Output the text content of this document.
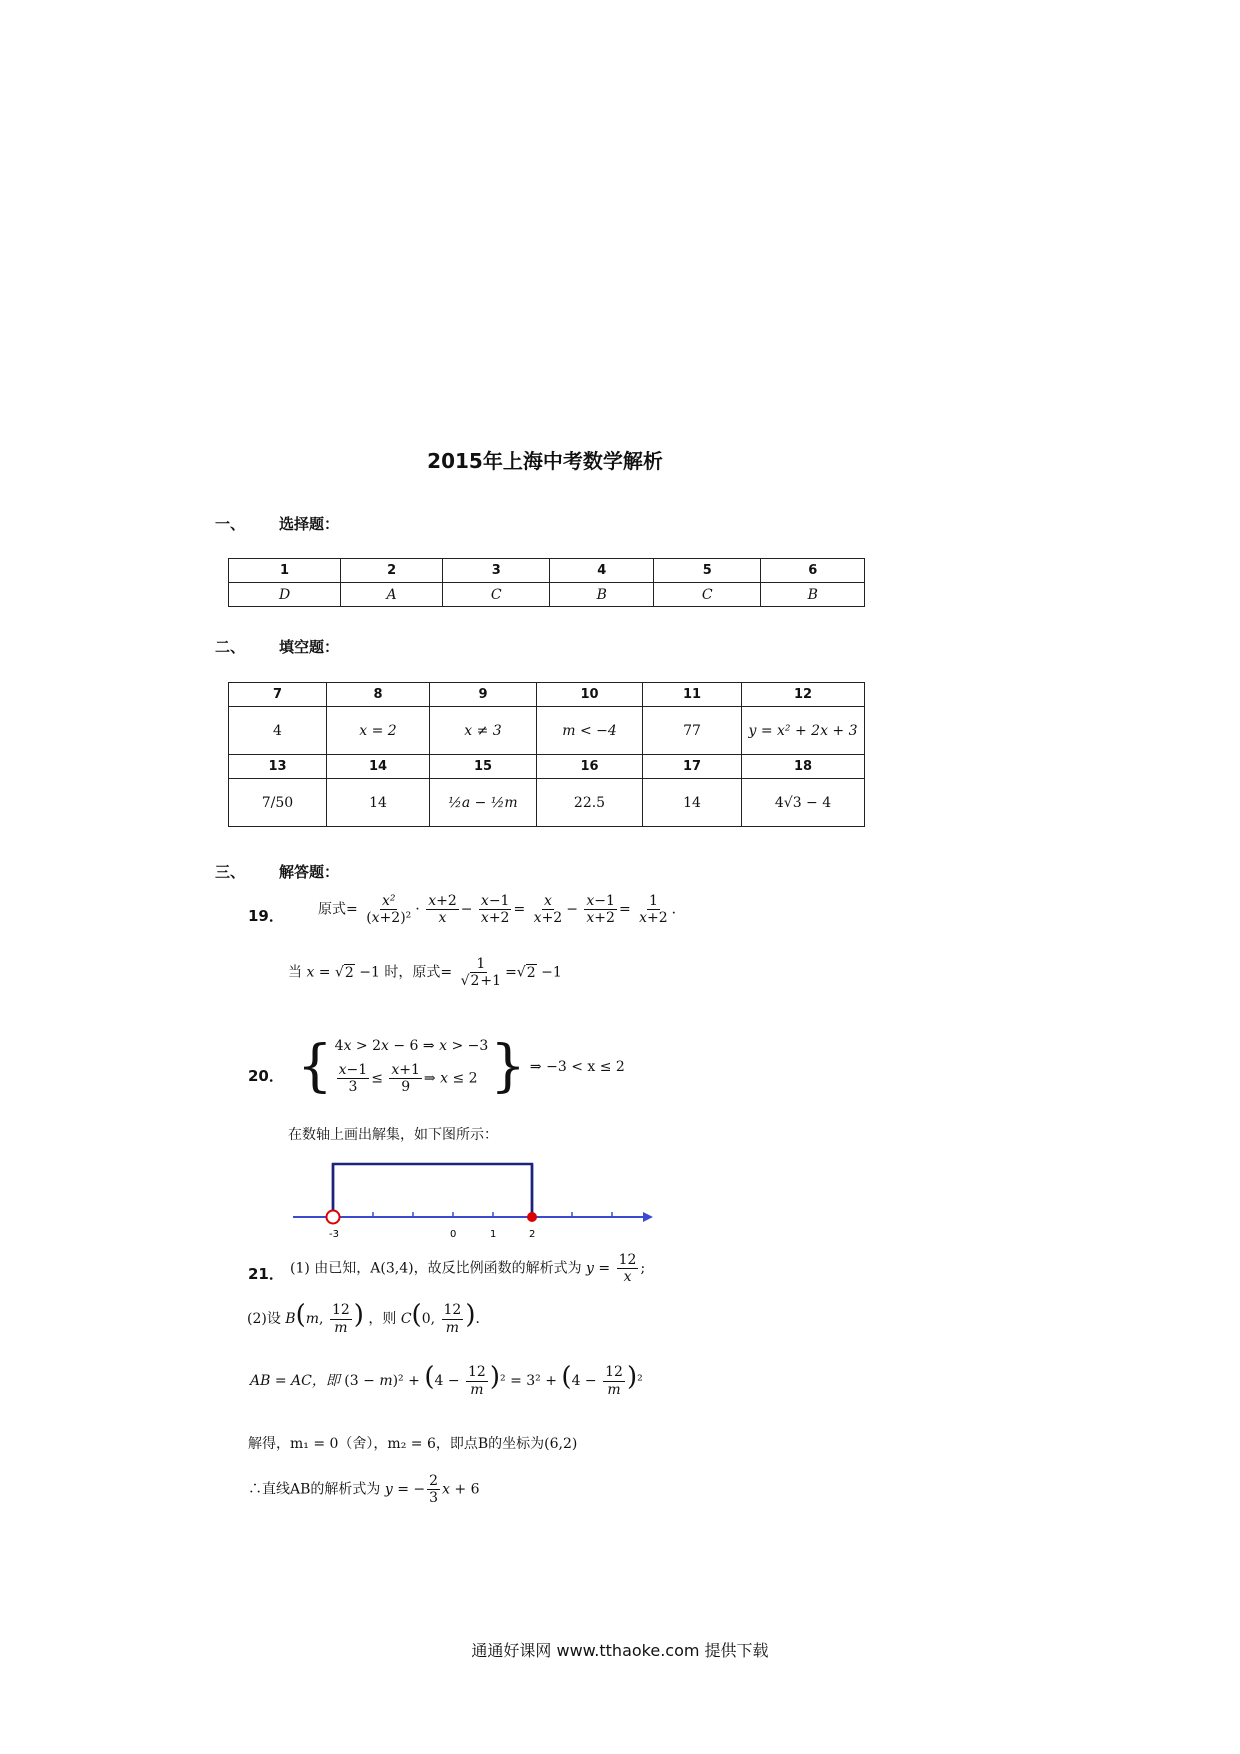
2015年上海中考数学解析
一、 选择题：
1	2	3	4	5	6
D	A	C	B	C	B
二、 填空题：
7	8	9	10	11	12
4	x = 2	x ≠ 3	m < −4	77	y = x² + 2x + 3
13	14	15	16	17	18
7/50	14	½a − ½m	22.5	14	4√3 − 4
三、 解答题：
19． 原式= $\frac{\text{x²}}{\text{(x+2)²}} \cdot \frac{x+2}{x} - \frac{x-1}{x+2} = \frac{x}{x+2} - \frac{x-1}{x+2} = \frac{1}{x+2}$ ．
当 x = √2 −1 时，原式= $\frac{1}{√2+1} =√2 -1$
20． { 4x > 2x − 6 ⇒ x > −3
$\frac{x-1}{3} \le \frac{x+1}{9}$ ⇒ x ≤ 2 } ⇒ −3 < x ≤ 2
在数轴上画出解集，如下图所示：
-3	0	1	2
21． (1) 由已知，A(3,4)，故反比例函数的解析式为 $y = \frac{12}{x}$ ;
(2)设 B(m, $\frac{12}{m}$ ) ，则 C(0, $\frac{12}{m}$ )．
AB = AC，即 $(3 - m)^2 + (4 - \frac{12}{m} )^2 = 3^2 + (4 - \frac{12}{m} )^2$
解得，m₁ = 0（舍），m₂ = 6，即点B的坐标为(6,2)
∴直线AB的解析式为 y = − $\frac{2}{3}$ x + 6
通通好课网 www.tthaoke.com 提供下载
